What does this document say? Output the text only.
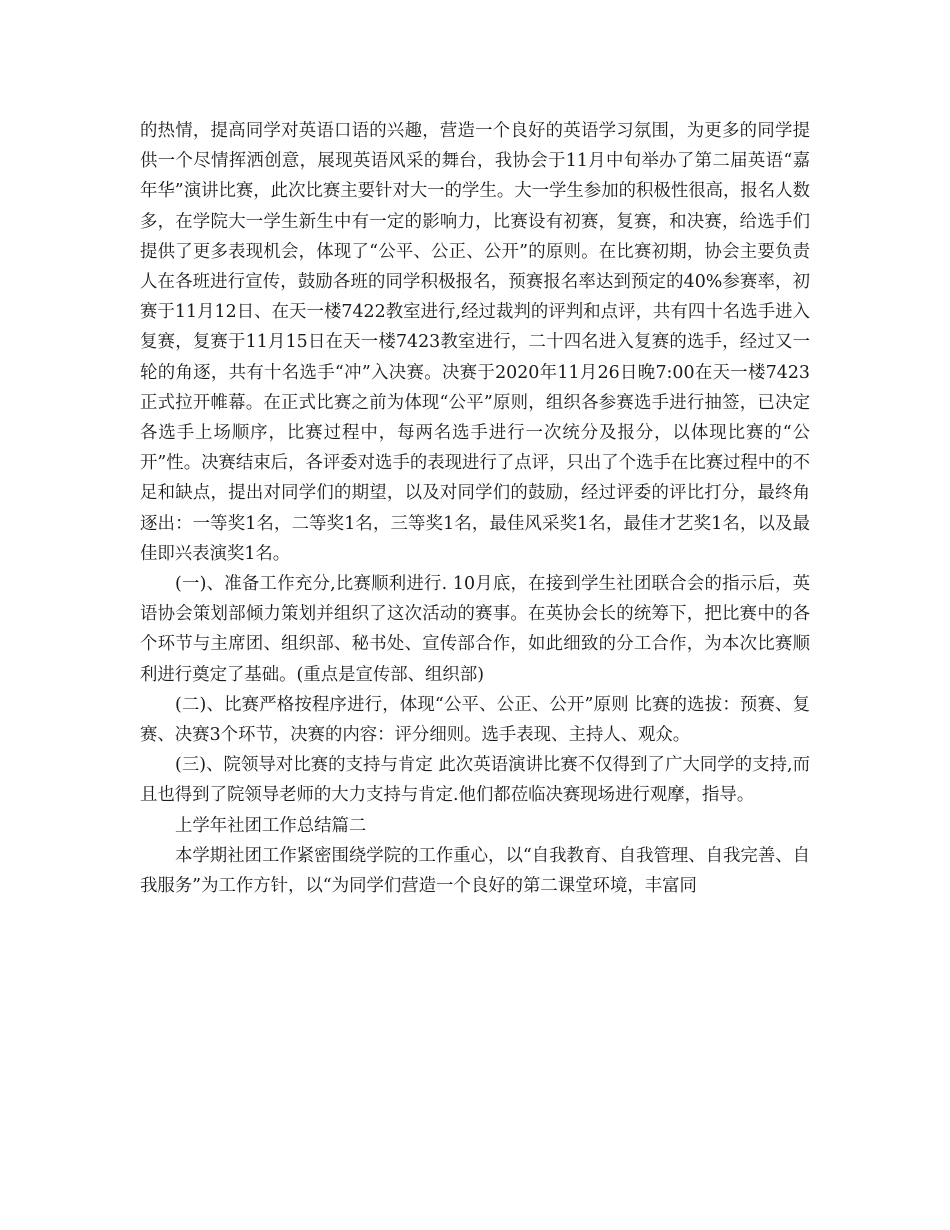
的热情，提高同学对英语口语的兴趣，营造一个良好的英语学习氛围，为更多的同学提供一个尽情挥洒创意，展现英语风采的舞台，我协会于11月中旬举办了第二届英语“嘉年华”演讲比赛，此次比赛主要针对大一的学生。大一学生参加的积极性很高，报名人数多，在学院大一学生新生中有一定的影响力，比赛设有初赛，复赛，和决赛，给选手们提供了更多表现机会，体现了“公平、公正、公开”的原则。在比赛初期，协会主要负责人在各班进行宣传，鼓励各班的同学积极报名，预赛报名率达到预定的40%参赛率，初赛于11月12日、在天一楼7422教室进行,经过裁判的评判和点评，共有四十名选手进入复赛，复赛于11月15日在天一楼7423教室进行，二十四名进入复赛的选手，经过又一轮的角逐，共有十名选手“冲”入决赛。决赛于2020年11月26日晚7:00在天一楼7423正式拉开帷幕。在正式比赛之前为体现“公平”原则，组织各参赛选手进行抽签，已决定各选手上场顺序，比赛过程中，每两名选手进行一次统分及报分，以体现比赛的“公开”性。决赛结束后，各评委对选手的表现进行了点评，只出了个选手在比赛过程中的不足和缺点，提出对同学们的期望，以及对同学们的鼓励，经过评委的评比打分，最终角逐出：一等奖1名，二等奖1名，三等奖1名，最佳风采奖1名，最佳才艺奖1名，以及最佳即兴表演奖1名。

(一)、准备工作充分,比赛顺利进行. 10月底，在接到学生社团联合会的指示后，英语协会策划部倾力策划并组织了这次活动的赛事。在英协会长的统筹下，把比赛中的各个环节与主席团、组织部、秘书处、宣传部合作，如此细致的分工合作，为本次比赛顺利进行奠定了基础。(重点是宣传部、组织部)

(二)、比赛严格按程序进行，体现“公平、公正、公开”原则 比赛的选拔：预赛、复赛、决赛3个环节，决赛的内容：评分细则。选手表现、主持人、观众。

(三)、院领导对比赛的支持与肯定 此次英语演讲比赛不仅得到了广大同学的支持,而且也得到了院领导老师的大力支持与肯定.他们都莅临决赛现场进行观摩，指导。

上学年社团工作总结篇二

本学期社团工作紧密围绕学院的工作重心，以“自我教育、自我管理、自我完善、自我服务”为工作方针，以“为同学们营造一个良好的第二课堂环境，丰富同
